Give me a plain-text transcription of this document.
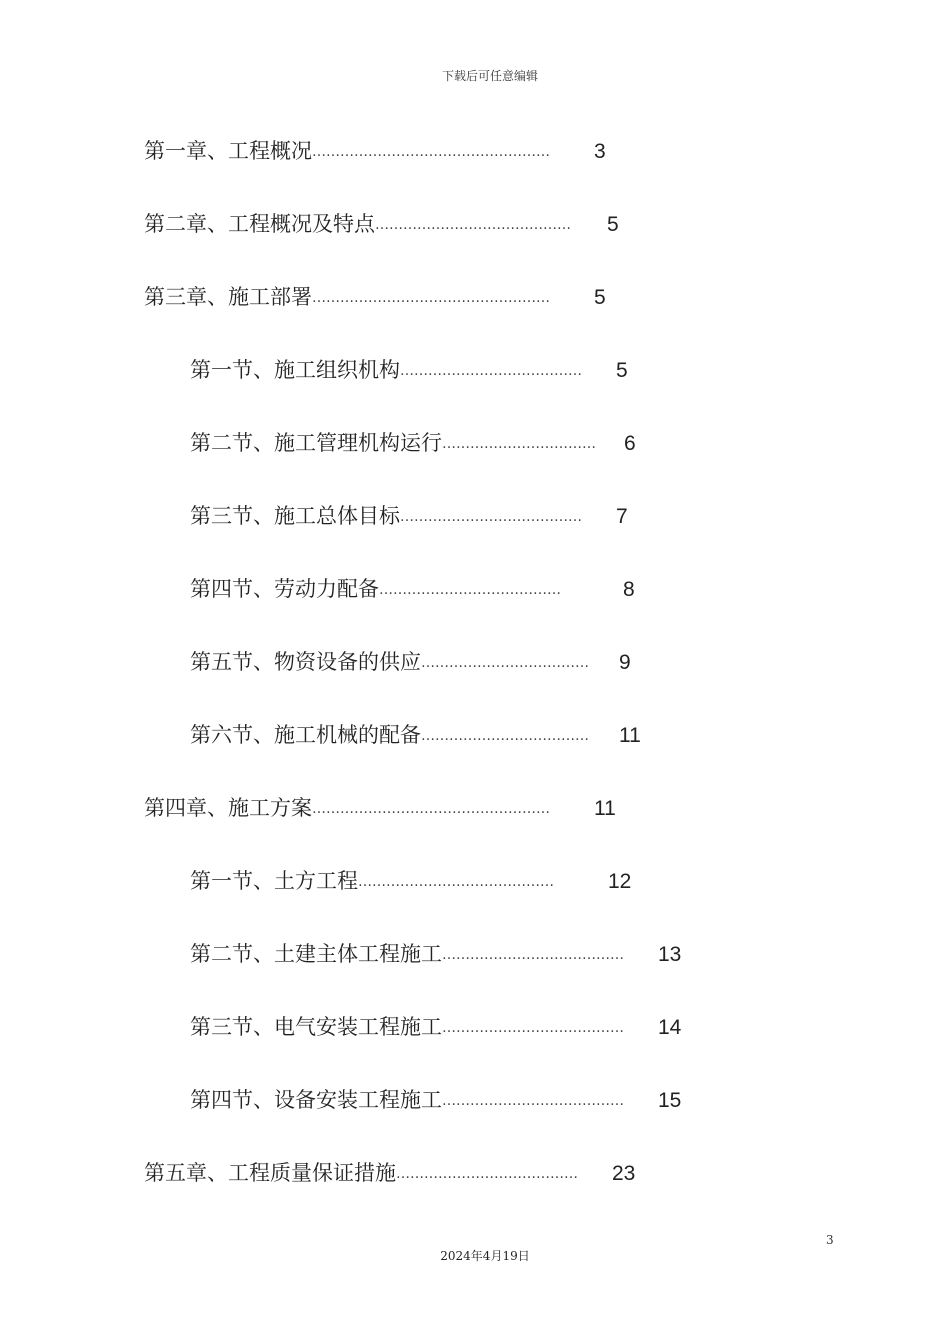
下载后可任意编辑
第一章、工程概况…………………………………………… 3
第二章、工程概况及特点…………………………………… 5
第三章、施工部署…………………………………………… 5
第一节、施工组织机构………………………………… 5
第二节、施工管理机构运行…………………………… 6
第三节、施工总体目标………………………………… 7
第四节、劳动力配备…………………………………	8
第五节、物资设备的供应……………………………… 9
第六节、施工机械的配备……………………………… 11
第四章、施工方案…………………………………………… 11
第一节、土方工程……………………………………	12
第二节、土建主体工程施工………………………………… 13
第三节、电气安装工程施工………………………………… 14
第四节、设备安装工程施工………………………………… 15
第五章、工程质量保证措施………………………………… 23
3
2024年4月19日
